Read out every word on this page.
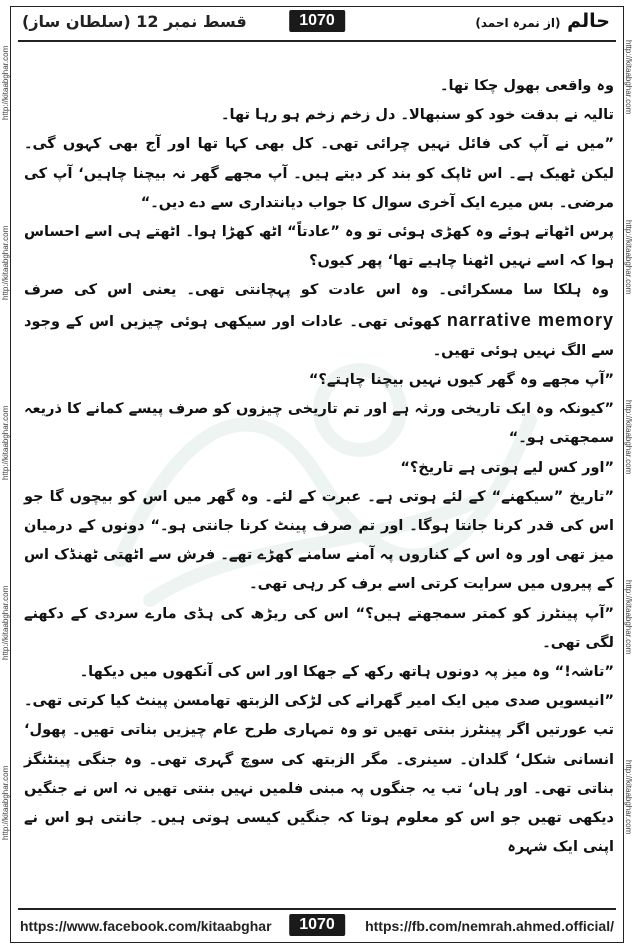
http://kitaabghar.com
http://kitaabghar.com
http://kitaabghar.com
http://kitaabghar.com
http://kitaabghar.com
http://kitaabghar.com
http://kitaabghar.com
http://kitaabghar.com
http://kitaabghar.com
http://kitaabghar.com
قسط نمبر 12 (سلطان ساز)	1070	حالم (از نمرہ احمد)

وہ واقعی بھول چکا تھا۔

تالیہ نے بدقت خود کو سنبھالا۔ دل زخم زخم ہو رہا تھا۔

”میں نے آپ کی فائل نہیں چرائی تھی۔ کل بھی کہا تھا اور آج بھی کہوں گی۔ لیکن ٹھیک ہے۔ اس ٹاپک کو بند کر دیتے ہیں۔ آپ مجھے گھر نہ بیچنا چاہیں‘ آپ کی مرضی۔ بس میرے ایک آخری سوال کا جواب دیانتداری سے دے دیں۔“

پرس اٹھاتے ہوئے وہ کھڑی ہوئی تو وہ ”عادتاً“ اٹھ کھڑا ہوا۔ اٹھتے ہی اسے احساس ہوا کہ اسے نہیں اٹھنا چاہیے تھا‘ پھر کیوں؟

وہ ہلکا سا مسکرائی۔ وہ اس عادت کو پہچانتی تھی۔ یعنی اس کی صرف narrative memory کھوئی تھی۔ عادات اور سیکھی ہوئی چیزیں اس کے وجود سے الگ نہیں ہوئی تھیں۔

”آپ مجھے وہ گھر کیوں نہیں بیچنا چاہتے؟“

”کیونکہ وہ ایک تاریخی ورثہ ہے اور تم تاریخی چیزوں کو صرف پیسے کمانے کا ذریعہ سمجھتی ہو۔“

”اور کس لیے ہوتی ہے تاریخ؟“

”تاریخ ”سیکھنے“ کے لئے ہوتی ہے۔ عبرت کے لئے۔ وہ گھر میں اس کو بیچوں گا جو اس کی قدر کرنا جانتا ہوگا۔ اور تم صرف پینٹ کرنا جانتی ہو۔“ دونوں کے درمیان میز تھی اور وہ اس کے کناروں پہ آمنے سامنے کھڑے تھے۔ فرش سے اٹھتی ٹھنڈک اس کے پیروں میں سرایت کرتی اسے برف کر رہی تھی۔

”آپ پینٹرز کو کمتر سمجھتے ہیں؟“ اس کی ریڑھ کی ہڈی مارے سردی کے دکھنے لگی تھی۔

”تاشہ!“ وہ میز پہ دونوں ہاتھ رکھ کے جھکا اور اس کی آنکھوں میں دیکھا۔

”انیسویں صدی میں ایک امیر گھرانے کی لڑکی الزبتھ تھامسن پینٹ کیا کرتی تھی۔ تب عورتیں اگر پینٹرز بنتی تھیں تو وہ تمہاری طرح عام چیزیں بناتی تھیں۔ پھول‘ انسانی شکل‘ گلدان۔ سینری۔ مگر الزبتھ کی سوچ گہری تھی۔ وہ جنگی پینٹنگز بناتی تھی۔ اور ہاں‘ تب یہ جنگوں پہ مبنی فلمیں نہیں بنتی تھیں نہ اس نے جنگیں دیکھی تھیں جو اس کو معلوم ہوتا کہ جنگیں کیسی ہوتی ہیں۔ جانتی ہو اس نے اپنی ایک شہرہ

https://www.facebook.com/kitaabghar	1070	https://fb.com/nemrah.ahmed.official/
